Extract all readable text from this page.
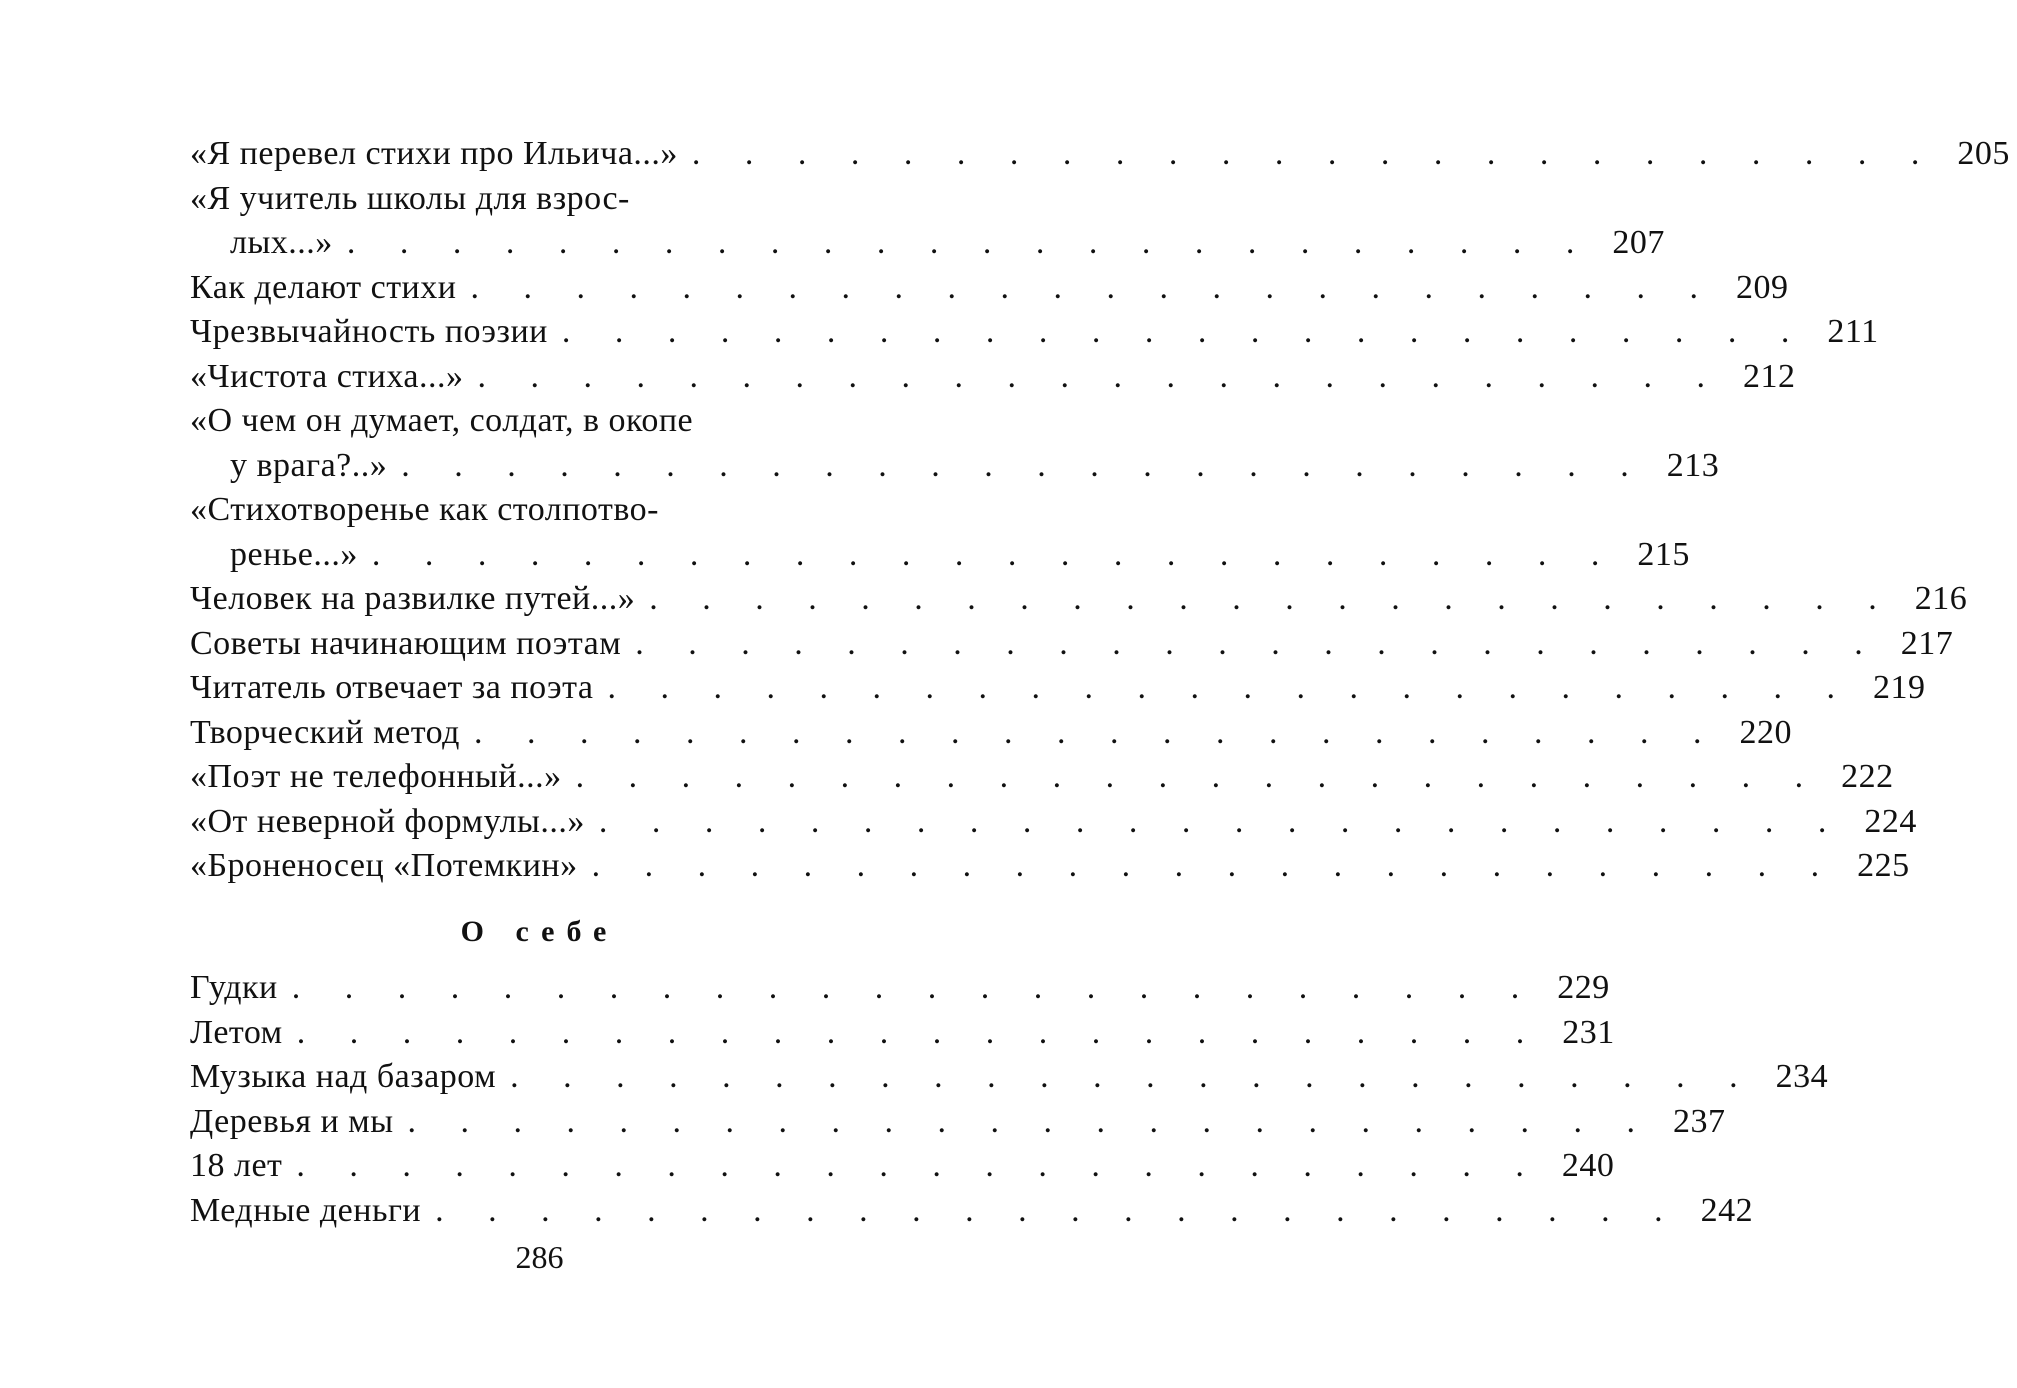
«Я перевел стихи про Ильича...» . . . . . . . . . . . . . . . . . . . . . . . . 205
«Я учитель школы для взрос-
лых...» . . . . . . . . . . . . . . . . . . . . . . . . 207
Как делают стихи . . . . . . . . . . . . . . . . . . . . . . . . 209
Чрезвычайность поэзии . . . . . . . . . . . . . . . . . . . . . . . . 211
«Чистота стиха...» . . . . . . . . . . . . . . . . . . . . . . . . 212
«О чем он думает, солдат, в окопе
у врага?..» . . . . . . . . . . . . . . . . . . . . . . . . 213
«Стихотворенье как столпотво-
ренье...» . . . . . . . . . . . . . . . . . . . . . . . . 215
Человек на развилке путей...» . . . . . . . . . . . . . . . . . . . . . . . . 216
Советы начинающим поэтам . . . . . . . . . . . . . . . . . . . . . . . . 217
Читатель отвечает за поэта . . . . . . . . . . . . . . . . . . . . . . . . 219
Творческий метод . . . . . . . . . . . . . . . . . . . . . . . . 220
«Поэт не телефонный...» . . . . . . . . . . . . . . . . . . . . . . . . 222
«От неверной формулы...» . . . . . . . . . . . . . . . . . . . . . . . . 224
«Броненосец «Потемкин» . . . . . . . . . . . . . . . . . . . . . . . . 225
О себе
Гудки . . . . . . . . . . . . . . . . . . . . . . . . 229
Летом . . . . . . . . . . . . . . . . . . . . . . . . 231
Музыка над базаром . . . . . . . . . . . . . . . . . . . . . . . . 234
Деревья и мы . . . . . . . . . . . . . . . . . . . . . . . . 237
18 лет . . . . . . . . . . . . . . . . . . . . . . . . 240
Медные деньги . . . . . . . . . . . . . . . . . . . . . . . . 242
286
